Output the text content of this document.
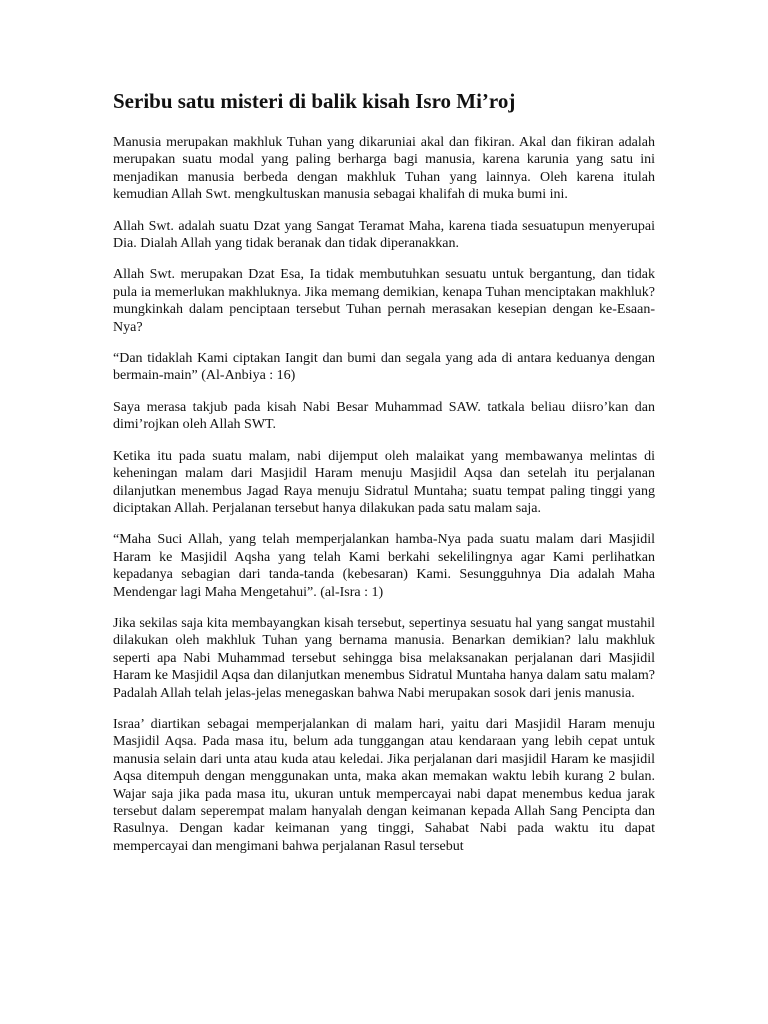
Seribu satu misteri di balik kisah Isro Mi’roj

Manusia merupakan makhluk Tuhan yang dikaruniai akal dan fikiran. Akal dan fikiran adalah merupakan suatu modal yang paling berharga bagi manusia, karena karunia yang satu ini menjadikan manusia berbeda dengan makhluk Tuhan yang lainnya. Oleh karena itulah kemudian Allah Swt. mengkultuskan manusia sebagai khalifah di muka bumi ini.

Allah Swt. adalah suatu Dzat yang Sangat Teramat Maha, karena tiada sesuatupun menyerupai Dia. Dialah Allah yang tidak beranak dan tidak diperanakkan.

Allah Swt. merupakan Dzat Esa, Ia tidak membutuhkan sesuatu untuk bergantung, dan tidak pula ia memerlukan makhluknya. Jika memang demikian, kenapa Tuhan menciptakan makhluk? mungkinkah dalam penciptaan tersebut Tuhan pernah merasakan kesepian dengan ke-Esaan-Nya?

“Dan tidaklah Kami ciptakan Iangit dan bumi dan segala yang ada di antara keduanya dengan bermain-main” (Al-Anbiya : 16)

Saya merasa takjub pada kisah Nabi Besar Muhammad SAW. tatkala beliau diisro’kan dan dimi’rojkan oleh Allah SWT.

Ketika itu pada suatu malam, nabi dijemput oleh malaikat yang membawanya melintas di keheningan malam dari Masjidil Haram menuju Masjidil Aqsa dan setelah itu perjalanan dilanjutkan menembus Jagad Raya menuju Sidratul Muntaha; suatu tempat paling tinggi yang diciptakan Allah. Perjalanan tersebut hanya dilakukan pada satu malam saja.

“Maha Suci Allah, yang telah memperjalankan hamba-Nya pada suatu malam dari Masjidil Haram ke Masjidil Aqsha yang telah Kami berkahi sekelilingnya agar Kami perlihatkan kepadanya sebagian dari tanda-tanda (kebesaran) Kami. Sesungguhnya Dia adalah Maha Mendengar lagi Maha Mengetahui”. (al-Isra : 1)

Jika sekilas saja kita membayangkan kisah tersebut, sepertinya sesuatu hal yang sangat mustahil dilakukan oleh makhluk Tuhan yang bernama manusia. Benarkan demikian? lalu makhluk seperti apa Nabi Muhammad tersebut sehingga bisa melaksanakan perjalanan dari Masjidil Haram ke Masjidil Aqsa dan dilanjutkan menembus Sidratul Muntaha hanya dalam satu malam? Padalah Allah telah jelas-jelas menegaskan bahwa Nabi merupakan sosok dari jenis manusia.

Israa’ diartikan sebagai memperjalankan di malam hari, yaitu dari Masjidil Haram menuju Masjidil Aqsa. Pada masa itu, belum ada tunggangan atau kendaraan yang lebih cepat untuk manusia selain dari unta atau kuda atau keledai. Jika perjalanan dari masjidil Haram ke masjidil Aqsa ditempuh dengan menggunakan unta, maka akan memakan waktu lebih kurang 2 bulan. Wajar saja jika pada masa itu, ukuran untuk mempercayai nabi dapat menembus kedua jarak tersebut dalam seperempat malam hanyalah dengan keimanan kepada Allah Sang Pencipta dan Rasulnya. Dengan kadar keimanan yang tinggi, Sahabat Nabi pada waktu itu dapat mempercayai dan mengimani bahwa perjalanan Rasul tersebut
